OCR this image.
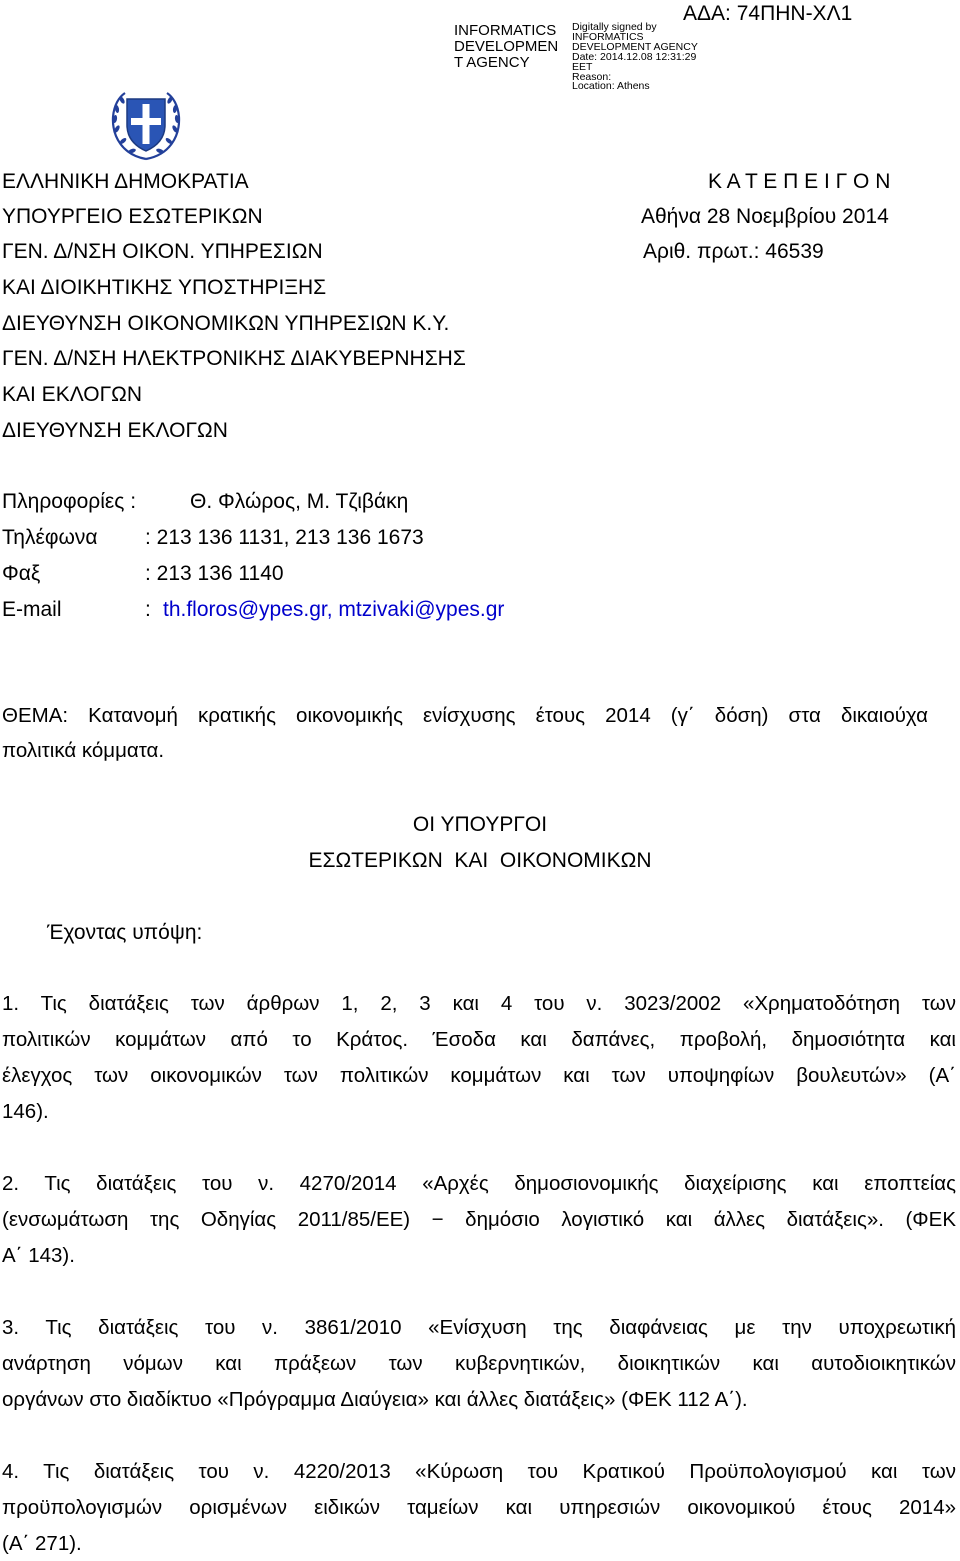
INFORMATICS
DEVELOPMEN
T AGENCY
Digitally signed by
INFORMATICS
DEVELOPMENT AGENCY
Date: 2014.12.08 12:31:29
EET
Reason:
Location: Athens
ΑΔΑ: 74ΠΗΝ-ΧΛ1
ΕΛΛΗΝΙΚΗ ΔΗΜΟΚΡΑΤΙΑ
ΥΠΟΥΡΓΕΙΟ ΕΣΩΤΕΡΙΚΩΝ
ΓΕΝ. Δ/ΝΣΗ ΟΙΚΟΝ. ΥΠΗΡΕΣΙΩΝ
ΚΑΙ ΔΙΟΙΚΗΤΙΚΗΣ ΥΠΟΣΤΗΡΙΞΗΣ
ΔΙΕΥΘΥΝΣΗ ΟΙΚΟΝΟΜΙΚΩΝ ΥΠΗΡΕΣΙΩΝ Κ.Υ.
ΓΕΝ. Δ/ΝΣΗ ΗΛΕΚΤΡΟΝΙΚΗΣ ΔΙΑΚΥΒΕΡΝΗΣΗΣ
ΚΑΙ ΕΚΛΟΓΩΝ
ΔΙΕΥΘΥΝΣΗ ΕΚΛΟΓΩΝ
Κ Α Τ Ε Π Ε Ι Γ Ο Ν
Αθήνα 28 Νοεμβρίου 2014
Αριθ. πρωτ.: 46539
Πληροφορίες :	Θ. Φλώρος, Μ. Τζιβάκη
Τηλέφωνα : 213 136 1131, 213 136 1673
Φαξ	: 213 136 1140
E-mail	: th.floros@ypes.gr, mtzivaki@ypes.gr
ΘΕΜΑ: Κατανομή κρατικής οικονομικής ενίσχυσης έτους 2014 (γ΄ δόση) στα δικαιούχα
πολιτικά κόμματα.
ΟΙ ΥΠΟΥΡΓΟΙ
ΕΣΩΤΕΡΙΚΩΝ  ΚΑΙ  ΟΙΚΟΝΟΜΙΚΩΝ
Έχοντας υπόψη:
1. Τις διατάξεις των άρθρων 1, 2, 3 και 4 του ν. 3023/2002 «Χρηματοδότηση των
πολιτικών κομμάτων από το Κράτος. Έσοδα και δαπάνες, προβολή, δημοσιότητα και
έλεγχος των οικονομικών των πολιτικών κομμάτων και των υποψηφίων βουλευτών» (Α΄
146).
2. Τις διατάξεις του ν. 4270/2014 «Αρχές δημοσιονομικής διαχείρισης και εποπτείας
(ενσωμάτωση της Οδηγίας 2011/85/ΕΕ) − δημόσιο λογιστικό και άλλες διατάξεις». (ΦΕΚ
Α΄ 143).
3. Τις διατάξεις του ν. 3861/2010 «Ενίσχυση της διαφάνειας με την υποχρεωτική
ανάρτηση νόμων και πράξεων των κυβερνητικών, διοικητικών και αυτοδιοικητικών
οργάνων στο διαδίκτυο «Πρόγραμμα Διαύγεια» και άλλες διατάξεις» (ΦΕΚ 112 Α΄).
4. Τις διατάξεις του ν. 4220/2013 «Κύρωση του Κρατικού Προϋπολογισμού και των
προϋπολογισμών ορισμένων ειδικών ταμείων και υπηρεσιών οικονομικού έτους 2014»
(Α΄ 271).
